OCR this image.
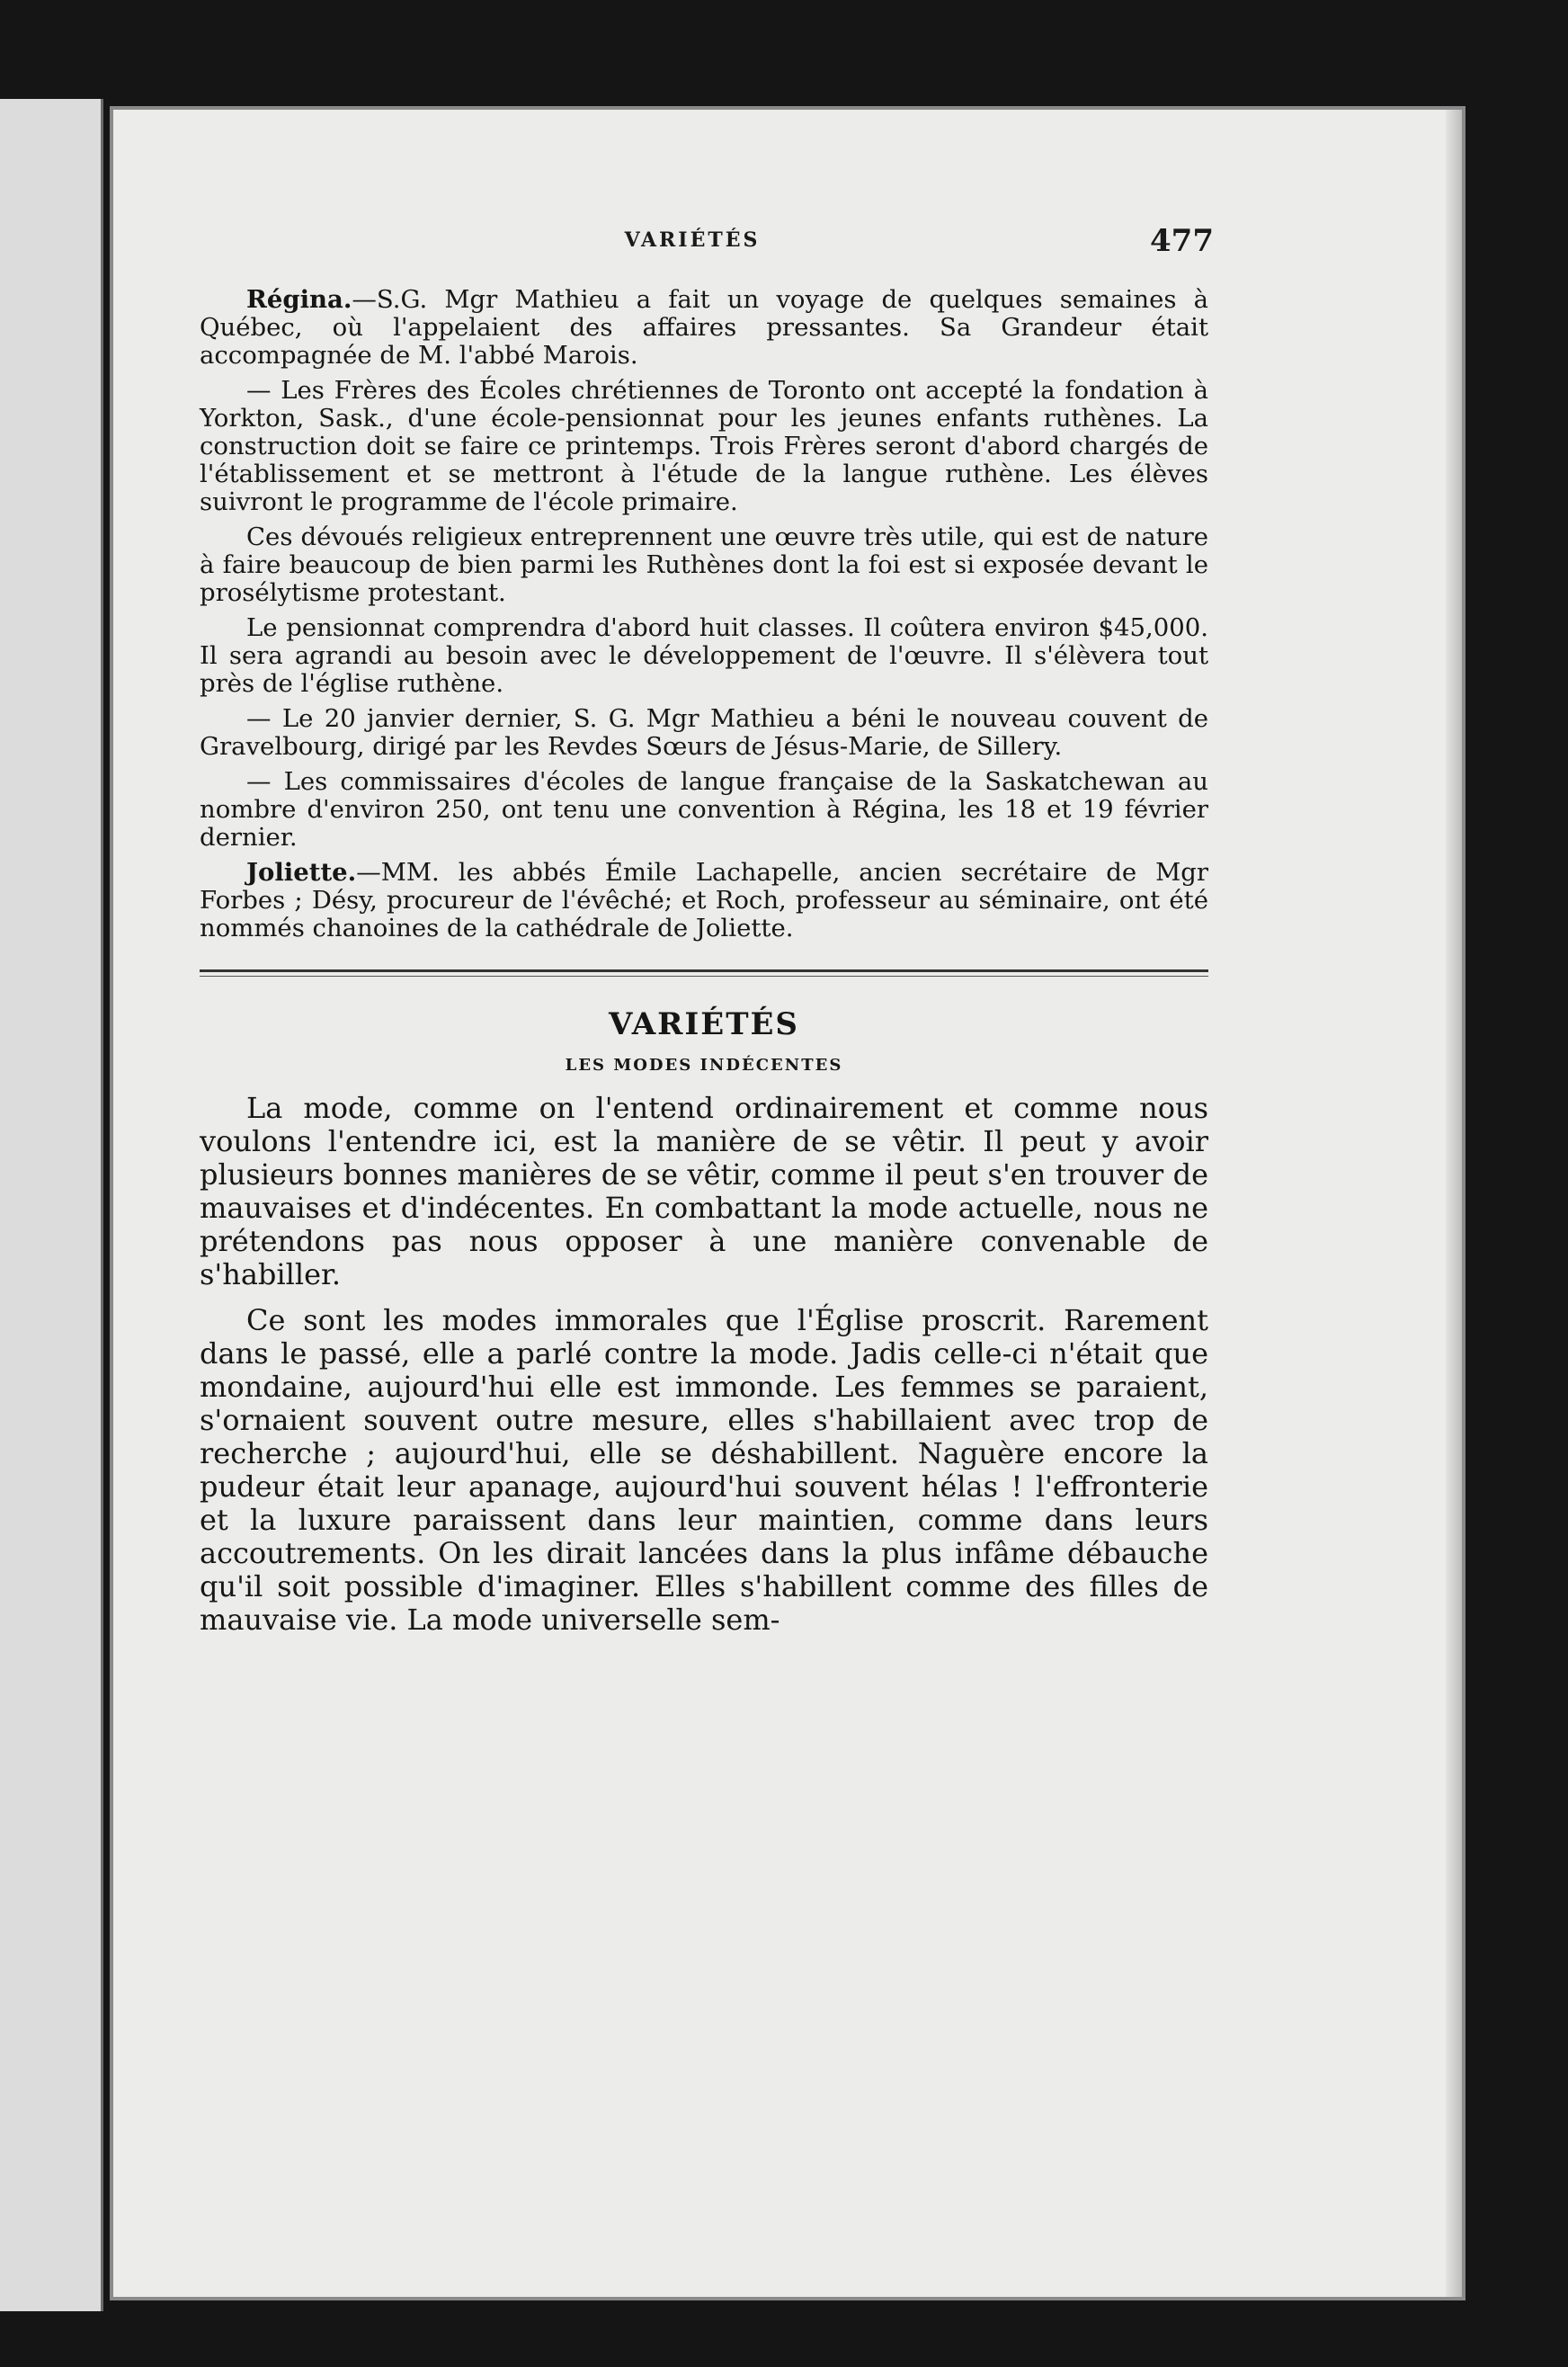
VARIÉTÉS	477

Régina.—S.G. Mgr Mathieu a fait un voyage de quelques semaines à Québec, où l'appelaient des affaires pressantes. Sa Grandeur était accompagnée de M. l'abbé Marois.

— Les Frères des Écoles chrétiennes de Toronto ont accepté la fondation à Yorkton, Sask., d'une école-pensionnat pour les jeunes enfants ruthènes. La construction doit se faire ce printemps. Trois Frères seront d'abord chargés de l'établissement et se mettront à l'étude de la langue ruthène. Les élèves suivront le programme de l'école primaire.

Ces dévoués religieux entreprennent une œuvre très utile, qui est de nature à faire beaucoup de bien parmi les Ruthènes dont la foi est si exposée devant le prosélytisme protestant.

Le pensionnat comprendra d'abord huit classes. Il coûtera environ $45,000. Il sera agrandi au besoin avec le développement de l'œuvre. Il s'élèvera tout près de l'église ruthène.

— Le 20 janvier dernier, S. G. Mgr Mathieu a béni le nouveau couvent de Gravelbourg, dirigé par les Revdes Sœurs de Jésus-Marie, de Sillery.

— Les commissaires d'écoles de langue française de la Saskatchewan au nombre d'environ 250, ont tenu une convention à Régina, les 18 et 19 février dernier.

Joliette.—MM. les abbés Émile Lachapelle, ancien secrétaire de Mgr Forbes ; Désy, procureur de l'évêché; et Roch, professeur au séminaire, ont été nommés chanoines de la cathédrale de Joliette.

VARIÉTÉS
LES MODES INDÉCENTES

La mode, comme on l'entend ordinairement et comme nous voulons l'entendre ici, est la manière de se vêtir. Il peut y avoir plusieurs bonnes manières de se vêtir, comme il peut s'en trouver de mauvaises et d'indécentes. En combattant la mode actuelle, nous ne prétendons pas nous opposer à une manière convenable de s'habiller.

Ce sont les modes immorales que l'Église proscrit. Rarement dans le passé, elle a parlé contre la mode. Jadis celle-ci n'était que mondaine, aujourd'hui elle est immonde. Les femmes se paraient, s'ornaient souvent outre mesure, elles s'habillaient avec trop de recherche ; aujourd'hui, elle se déshabillent. Naguère encore la pudeur était leur apanage, aujourd'hui souvent hélas ! l'effronterie et la luxure paraissent dans leur maintien, comme dans leurs accoutrements. On les dirait lancées dans la plus infâme débauche qu'il soit possible d'imaginer. Elles s'habillent comme des filles de mauvaise vie. La mode universelle sem-
